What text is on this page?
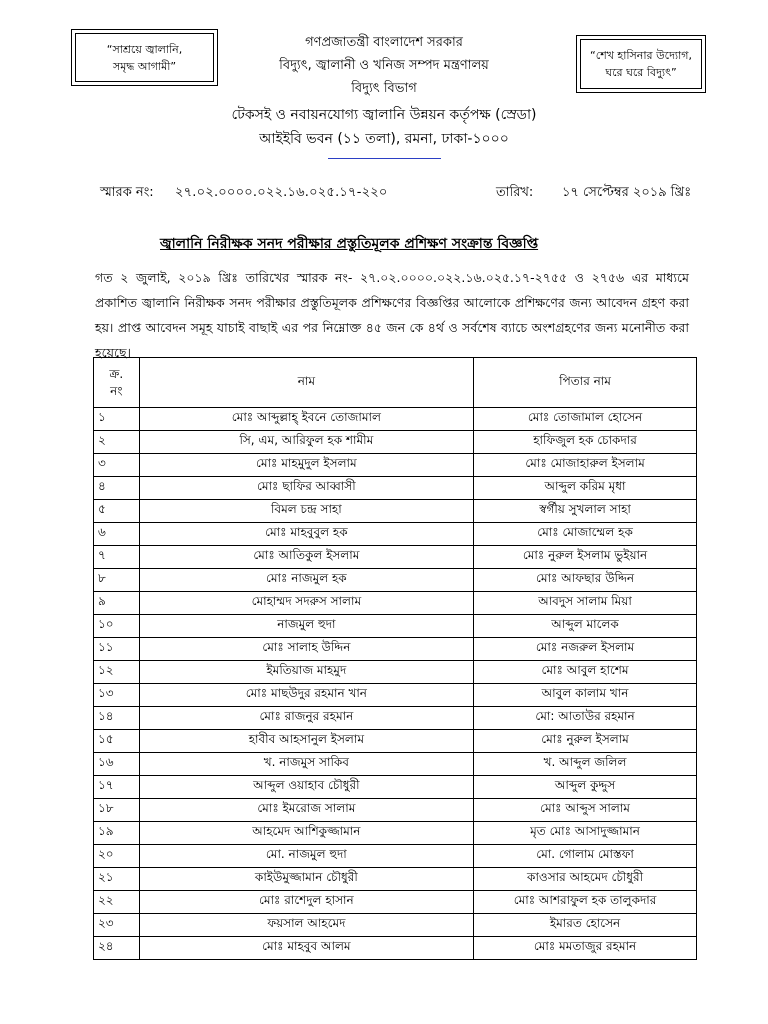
“সাশ্রয়ে জ্বালানি,
সমৃদ্ধ আগামী”
“শেখ হাসিনার উদ্যোগ,
ঘরে ঘরে বিদ্যুৎ”
গণপ্রজাতন্ত্রী বাংলাদেশ সরকার
বিদ্যুৎ, জ্বালানী ও খনিজ সম্পদ মন্ত্রণালয়
বিদ্যুৎ বিভাগ
টেকসই ও নবায়নযোগ্য জ্বালানি উন্নয়ন কর্তৃপক্ষ (স্রেডা)
আইইবি ভবন (১১ তলা), রমনা, ঢাকা-১০০০
স্মারক নং: ২৭.০২.০০০০.০২২.১৬.০২৫.১৭-২২০	তারিখ: ১৭ সেপ্টেম্বর ২০১৯ খ্রিঃ
জ্বালানি নিরীক্ষক সনদ পরীক্ষার প্রস্তুতিমূলক প্রশিক্ষণ সংক্রান্ত বিজ্ঞপ্তি
গত ২ জুলাই, ২০১৯ খ্রিঃ তারিখের স্মারক নং- ২৭.০২.০০০০.০২২.১৬.০২৫.১৭-২৭৫৫ ও ২৭৫৬ এর মাধ্যমে প্রকাশিত জ্বালানি নিরীক্ষক সনদ পরীক্ষার প্রস্তুতিমূলক প্রশিক্ষণের বিজ্ঞপ্তির আলোকে প্রশিক্ষণের জন্য আবেদন গ্রহণ করা হয়। প্রাপ্ত আবেদন সমূহ যাচাই বাছাই এর পর নিম্নোক্ত ৪৫ জন কে ৪র্থ ও সর্বশেষ ব্যাচে অংশগ্রহণের জন্য মনোনীত করা হয়েছে।
ক্র.
নং	নাম	পিতার নাম
১	মোঃ আব্দুল্লাহ্ ইবনে তোজামাল	মোঃ তোজামাল হোসেন
২	সি, এম, আরিফুল হক শামীম	হাফিজুল হক চোকদার
৩	মোঃ মাহমুদুল ইসলাম	মোঃ মোজাহারুল ইসলাম
৪	মোঃ ছাফির আব্বাসী	আব্দুল করিম মৃধা
৫	বিমল চন্দ্র সাহা	স্বর্গীয় সুখলাল সাহা
৬	মোঃ মাহবুবুল হক	মোঃ মোজাম্মেল হক
৭	মোঃ আতিকুল ইসলাম	মোঃ নুরুল ইসলাম ভুইয়ান
৮	মোঃ নাজমুল হক	মোঃ আফছার উদ্দিন
৯	মোহাম্মদ সদরুস সালাম	আবদুস সালাম মিয়া
১০	নাজমুল হুদা	আব্দুল মালেক
১১	মোঃ সালাহ উদ্দিন	মোঃ নজরুল ইসলাম
১২	ইমতিয়াজ মাহমুদ	মোঃ আবুল হাশেম
১৩	মোঃ মাছউদুর রহমান খান	আবুল কালাম খান
১৪	মোঃ রাজনুর রহমান	মো: আতাউর রহমান
১৫	হাবীব আহসানুল ইসলাম	মোঃ নুরুল ইসলাম
১৬	খ. নাজমুস সাকিব	খ. আব্দুল জলিল
১৭	আব্দুল ওয়াহাব চৌধুরী	আব্দুল কুদ্দুস
১৮	মোঃ ইমরোজ সালাম	মোঃ আব্দুস সালাম
১৯	আহমেদ আশিকুজ্জামান	মৃত মোঃ আসাদুজ্জামান
২০	মো. নাজমুল হুদা	মো. গোলাম মোস্তফা
২১	কাইউমুজ্জামান চৌধুরী	কাওসার আহমেদ চৌধুরী
২২	মোঃ রাশেদুল হাসান	মোঃ আশরাফুল হক তালুকদার
২৩	ফয়সাল আহমেদ	ইমারত হোসেন
২৪	মোঃ মাহবুব আলম	মোঃ মমতাজুর রহমান
